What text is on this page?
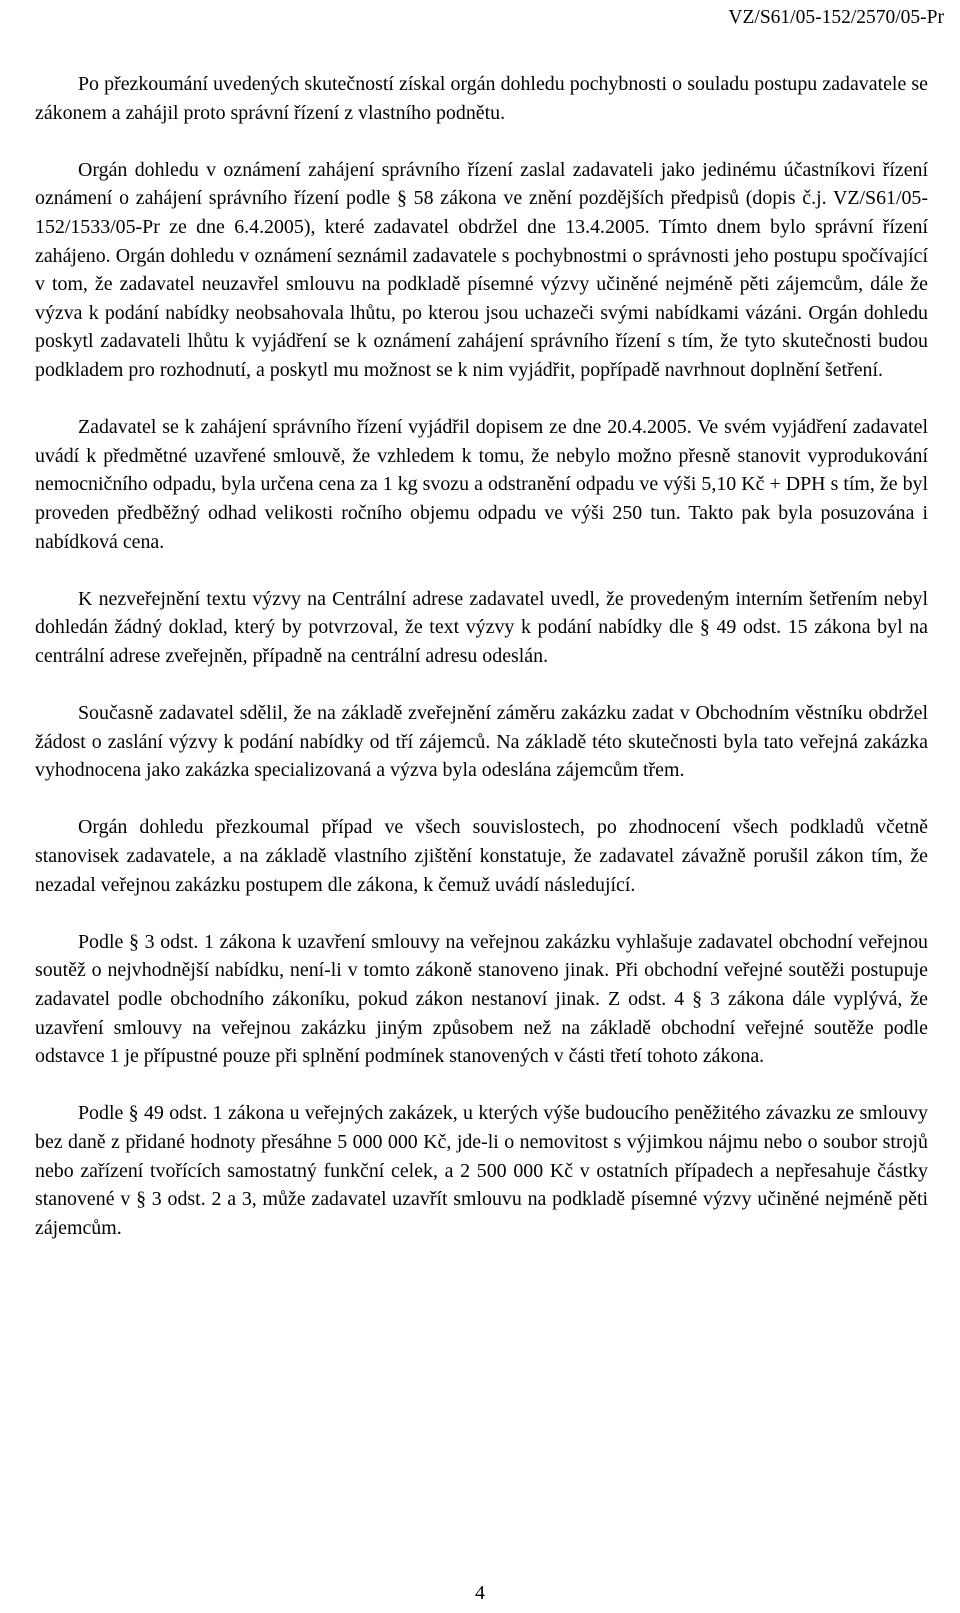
VZ/S61/05-152/2570/05-Pr

Po přezkoumání uvedených skutečností získal orgán dohledu pochybnosti o souladu postupu zadavatele se zákonem a zahájil proto správní řízení z vlastního podnětu.

Orgán dohledu v oznámení zahájení správního řízení zaslal zadavateli jako jedinému účastníkovi řízení oznámení o zahájení správního řízení podle § 58 zákona ve znění pozdějších předpisů (dopis č.j. VZ/S61/05-152/1533/05-Pr ze dne 6.4.2005), které zadavatel obdržel dne 13.4.2005. Tímto dnem bylo správní řízení zahájeno. Orgán dohledu v oznámení seznámil zadavatele s pochybnostmi o správnosti jeho postupu spočívající v tom, že zadavatel neuzavřel smlouvu na podkladě písemné výzvy učiněné nejméně pěti zájemcům, dále že výzva k podání nabídky neobsahovala lhůtu, po kterou jsou uchazeči svými nabídkami vázáni. Orgán dohledu poskytl zadavateli lhůtu k vyjádření se k oznámení zahájení správního řízení s tím, že tyto skutečnosti budou podkladem pro rozhodnutí, a poskytl mu možnost se k nim vyjádřit, popřípadě navrhnout doplnění šetření.

Zadavatel se k zahájení správního řízení vyjádřil dopisem ze dne 20.4.2005. Ve svém vyjádření zadavatel uvádí k předmětné uzavřené smlouvě, že vzhledem k tomu, že nebylo možno přesně stanovit vyprodukování nemocničního odpadu, byla určena cena za 1 kg svozu a odstranění odpadu ve výši 5,10 Kč + DPH s tím, že byl proveden předběžný odhad velikosti ročního objemu odpadu ve výši 250 tun. Takto pak byla posuzována i nabídková cena.

K nezveřejnění textu výzvy na Centrální adrese zadavatel uvedl, že provedeným interním šetřením nebyl dohledán žádný doklad, který by potvrzoval, že text výzvy k podání nabídky dle § 49 odst. 15 zákona byl na centrální adrese zveřejněn, případně na centrální adresu odeslán.

Současně zadavatel sdělil, že na základě zveřejnění záměru zakázku zadat v Obchodním věstníku obdržel žádost o zaslání výzvy k podání nabídky od tří zájemců. Na základě této skutečnosti byla tato veřejná zakázka vyhodnocena jako zakázka specializovaná a výzva byla odeslána zájemcům třem.

Orgán dohledu přezkoumal případ ve všech souvislostech, po zhodnocení všech podkladů včetně stanovisek zadavatele, a na základě vlastního zjištění konstatuje, že zadavatel závažně porušil zákon tím, že nezadal veřejnou zakázku postupem dle zákona, k čemuž uvádí následující.

Podle § 3 odst. 1 zákona k uzavření smlouvy na veřejnou zakázku vyhlašuje zadavatel obchodní veřejnou soutěž o nejvhodnější nabídku, není-li v tomto zákoně stanoveno jinak. Při obchodní veřejné soutěži postupuje zadavatel podle obchodního zákoníku, pokud zákon nestanoví jinak. Z odst. 4 § 3 zákona dále vyplývá, že uzavření smlouvy na veřejnou zakázku jiným způsobem než na základě obchodní veřejné soutěže podle odstavce 1 je přípustné pouze při splnění podmínek stanovených v části třetí tohoto zákona.

Podle § 49 odst. 1 zákona u veřejných zakázek, u kterých výše budoucího peněžitého závazku ze smlouvy bez daně z přidané hodnoty přesáhne 5 000 000 Kč, jde-li o nemovitost s výjimkou nájmu nebo o soubor strojů nebo zařízení tvořících samostatný funkční celek, a 2 500 000 Kč v ostatních případech a nepřesahuje částky stanovené v § 3 odst. 2 a 3, může zadavatel uzavřít smlouvu na podkladě písemné výzvy učiněné nejméně pěti zájemcům.

4
